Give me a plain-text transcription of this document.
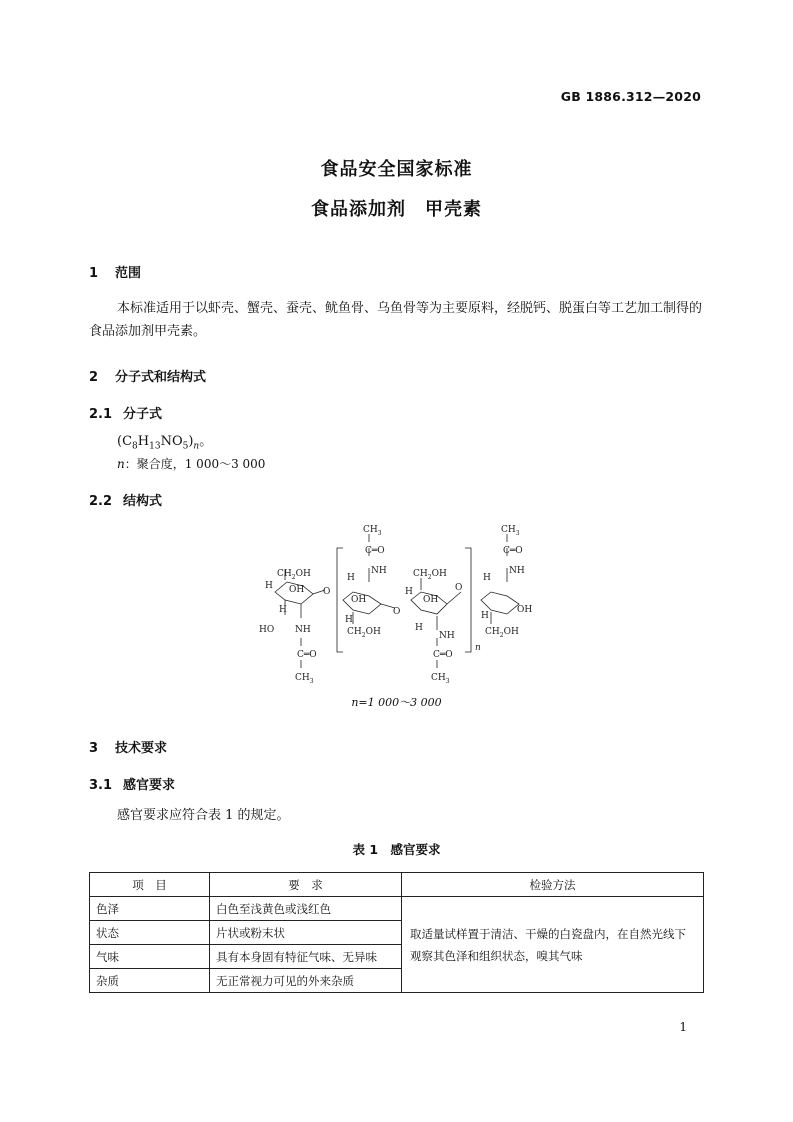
GB 1886.312—2020
食品安全国家标准
食品添加剂　甲壳素
1 范围
本标准适用于以虾壳、蟹壳、蚕壳、鱿鱼骨、乌鱼骨等为主要原料，经脱钙、脱蛋白等工艺加工制得的
食品添加剂甲壳素。
2 分子式和结构式
2.1 分子式
$(C_8H_{13}NO_5)_n$。
n：聚合度，1 000～3 000
2.2 结构式
$CH_3$
C═O
NH
$CH_3$
C═O
NH
$CH_2OH$
H OH
H
HO NH
O
H
OH
H
$CH_2OH$
O
$CH_2OH$
H
OH
H
NH
O
n
H
H
OH
$CH_2OH$
C═O
$CH_3$
C═O
$CH_3$
n=1 000～3 000
3 技术要求
3.1 感官要求
感官要求应符合表 1 的规定。
表 1　感官要求
项　目	要　求	检验方法
色泽	白色至浅黄色或浅红色	取适量试样置于清洁、干燥的白瓷盘内，在自然光线下观察其色泽和组织状态，嗅其气味
状态	片状或粉末状	
气味	具有本身固有特征气味、无异味	
杂质	无正常视力可见的外来杂质	
1
